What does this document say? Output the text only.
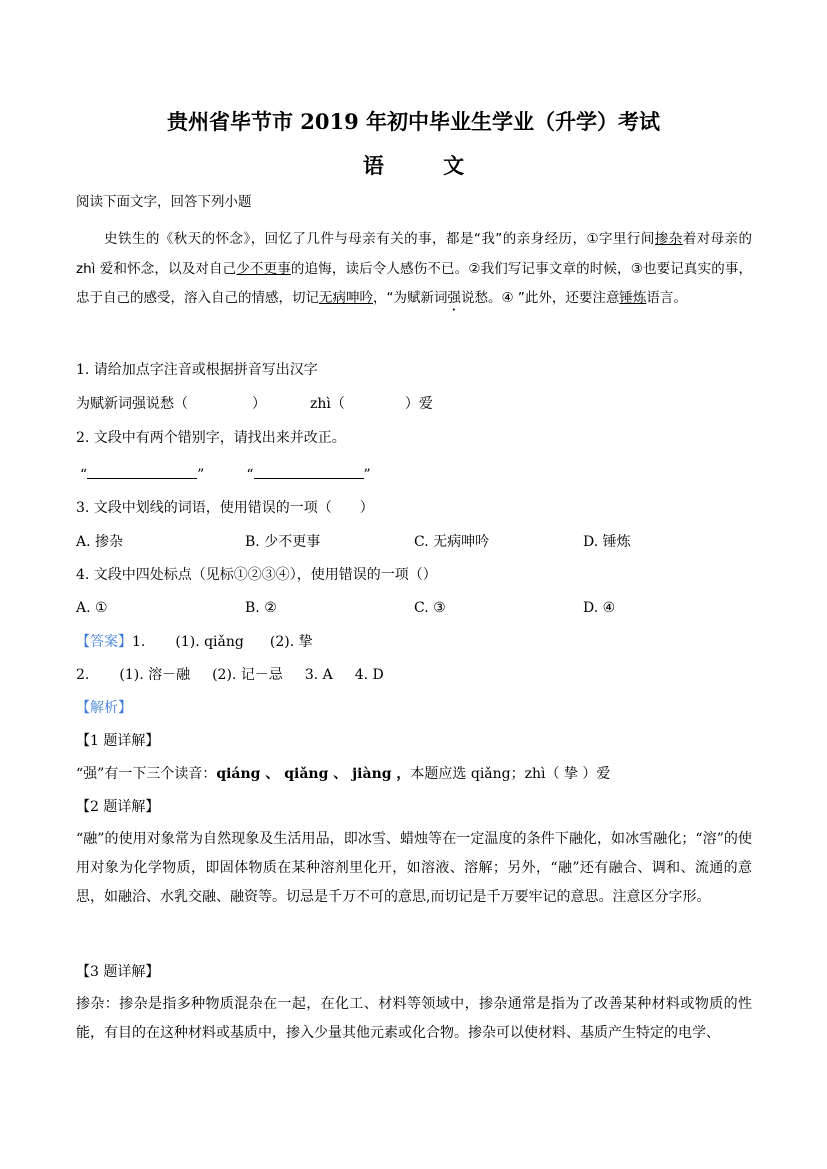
贵州省毕节市 2019 年初中毕业生学业（升学）考试
语	文
阅读下面文字，回答下列小题
史铁生的《秋天的怀念》，回忆了几件与母亲有关的事，都是“我”的亲身经历，①字里行间掺杂着对母亲的 zhì 爱和怀念，以及对自己少不更事的追悔，读后令人感伤不已。②我们写记事文章的时候，③也要记真实的事，忠于自己的感受，溶入自己的情感，切记无病呻吟，“为赋新词强说愁。④ ”此外，还要注意锤炼语言。
1. 请给加点字注音或根据拼音写出汉字
为赋新词强说愁（	）	zhì（	）爱
2. 文段中有两个错别字，请找出来并改正。
“	”	“	”
3. 文段中划线的词语，使用错误的一项（　　）
A. 掺杂	B. 少不更事	C. 无病呻吟	D. 锤炼
4. 文段中四处标点（见标①②③④），使用错误的一项（）
A. ①	B. ②	C. ③	D. ④
【答案】1. (1). qiǎng (2). 挚
2. (1). 溶－融 (2). 记－忌 3. A 4. D
【解析】
【1 题详解】
“强”有一下三个读音：qiáng 、 qiǎng 、 jiàng ，本题应选 qiǎng；zhì（ 挚 ）爱
【2 题详解】
“融”的使用对象常为自然现象及生活用品，即冰雪、蜡烛等在一定温度的条件下融化，如冰雪融化；“溶”的使用对象为化学物质，即固体物质在某种溶剂里化开，如溶液、溶解；另外，“融”还有融合、调和、流通的意思，如融洽、水乳交融、融资等。切忌是千万不可的意思,而切记是千万要牢记的意思。注意区分字形。
【3 题详解】
掺杂：掺杂是指多种物质混杂在一起，在化工、材料等领域中，掺杂通常是指为了改善某种材料或物质的性能，有目的在这种材料或基质中，掺入少量其他元素或化合物。掺杂可以使材料、基质产生特定的电学、
